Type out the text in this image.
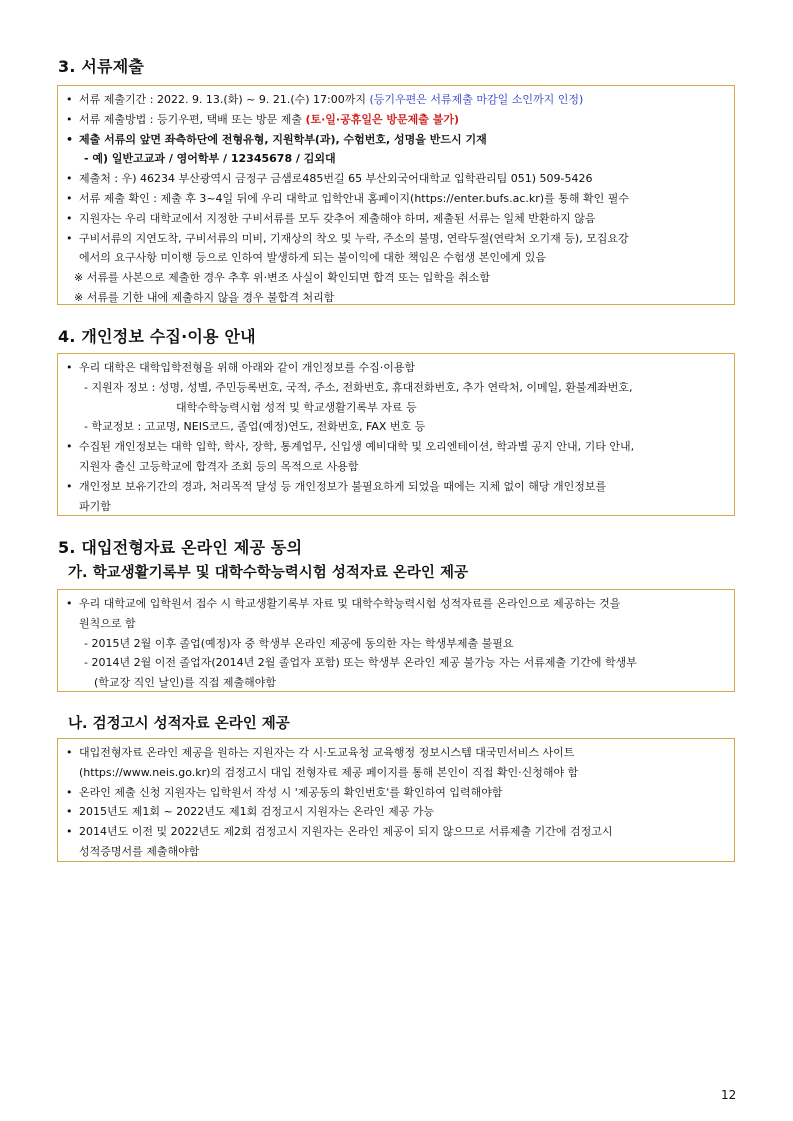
3. 서류제출
• 서류 제출기간 : 2022. 9. 13.(화) ~ 9. 21.(수) 17:00까지 (등기우편은 서류제출 마감일 소인까지 인정)
• 서류 제출방법 : 등기우편, 택배 또는 방문 제출 (토·일·공휴일은 방문제출 불가)
• 제출 서류의 앞면 좌측하단에 전형유형, 지원학부(과), 수험번호, 성명을 반드시 기재
- 예) 일반고교과 / 영어학부 / 12345678 / 김외대
• 제출처 : 우) 46234 부산광역시 금정구 금샘로485번길 65 부산외국어대학교 입학관리팀 051) 509-5426
• 서류 제출 확인 : 제출 후 3~4일 뒤에 우리 대학교 입학안내 홈페이지(https://enter.bufs.ac.kr)를 통해 확인 필수
• 지원자는 우리 대학교에서 지정한 구비서류를 모두 갖추어 제출해야 하며, 제출된 서류는 일체 반환하지 않음
• 구비서류의 지연도착, 구비서류의 미비, 기재상의 착오 및 누락, 주소의 불명, 연락두절(연락처 오기재 등), 모집요강
에서의 요구사항 미이행 등으로 인하여 발생하게 되는 불이익에 대한 책임은 수험생 본인에게 있음
※ 서류를 사본으로 제출한 경우 추후 위·변조 사실이 확인되면 합격 또는 입학을 취소함
※ 서류를 기한 내에 제출하지 않을 경우 불합격 처리함
4. 개인정보 수집·이용 안내
• 우리 대학은 대학입학전형을 위해 아래와 같이 개인정보를 수집·이용함
- 지원자 정보 : 성명, 성별, 주민등록번호, 국적, 주소, 전화번호, 휴대전화번호, 추가 연락처, 이메일, 환불계좌번호,
대학수학능력시험 성적 및 학교생활기록부 자료 등
- 학교정보 : 고교명, NEIS코드, 졸업(예정)연도, 전화번호, FAX 번호 등
• 수집된 개인정보는 대학 입학, 학사, 장학, 통계업무, 신입생 예비대학 및 오리엔테이션, 학과별 공지 안내, 기타 안내,
지원자 출신 고등학교에 합격자 조회 등의 목적으로 사용함
• 개인정보 보유기간의 경과, 처리목적 달성 등 개인정보가 불필요하게 되었을 때에는 지체 없이 해당 개인정보를
파기함
5. 대입전형자료 온라인 제공 동의
가. 학교생활기록부 및 대학수학능력시험 성적자료 온라인 제공
• 우리 대학교에 입학원서 접수 시 학교생활기록부 자료 및 대학수학능력시험 성적자료를 온라인으로 제공하는 것을
원칙으로 함
- 2015년 2월 이후 졸업(예정)자 중 학생부 온라인 제공에 동의한 자는 학생부제출 불필요
- 2014년 2월 이전 졸업자(2014년 2월 졸업자 포함) 또는 학생부 온라인 제공 불가능 자는 서류제출 기간에 학생부
(학교장 직인 날인)를 직접 제출해야함
나. 검정고시 성적자료 온라인 제공
• 대입전형자료 온라인 제공을 원하는 지원자는 각 시·도교육청 교육행정 정보시스템 대국민서비스 사이트
(https://www.neis.go.kr)의 검정고시 대입 전형자료 제공 페이지를 통해 본인이 직접 확인·신청해야 함
• 온라인 제출 신청 지원자는 입학원서 작성 시 '제공동의 확인번호'를 확인하여 입력해야함
• 2015년도 제1회 ~ 2022년도 제1회 검정고시 지원자는 온라인 제공 가능
• 2014년도 이전 및 2022년도 제2회 검정고시 지원자는 온라인 제공이 되지 않으므로 서류제출 기간에 검정고시
성적증명서를 제출해야함
12
